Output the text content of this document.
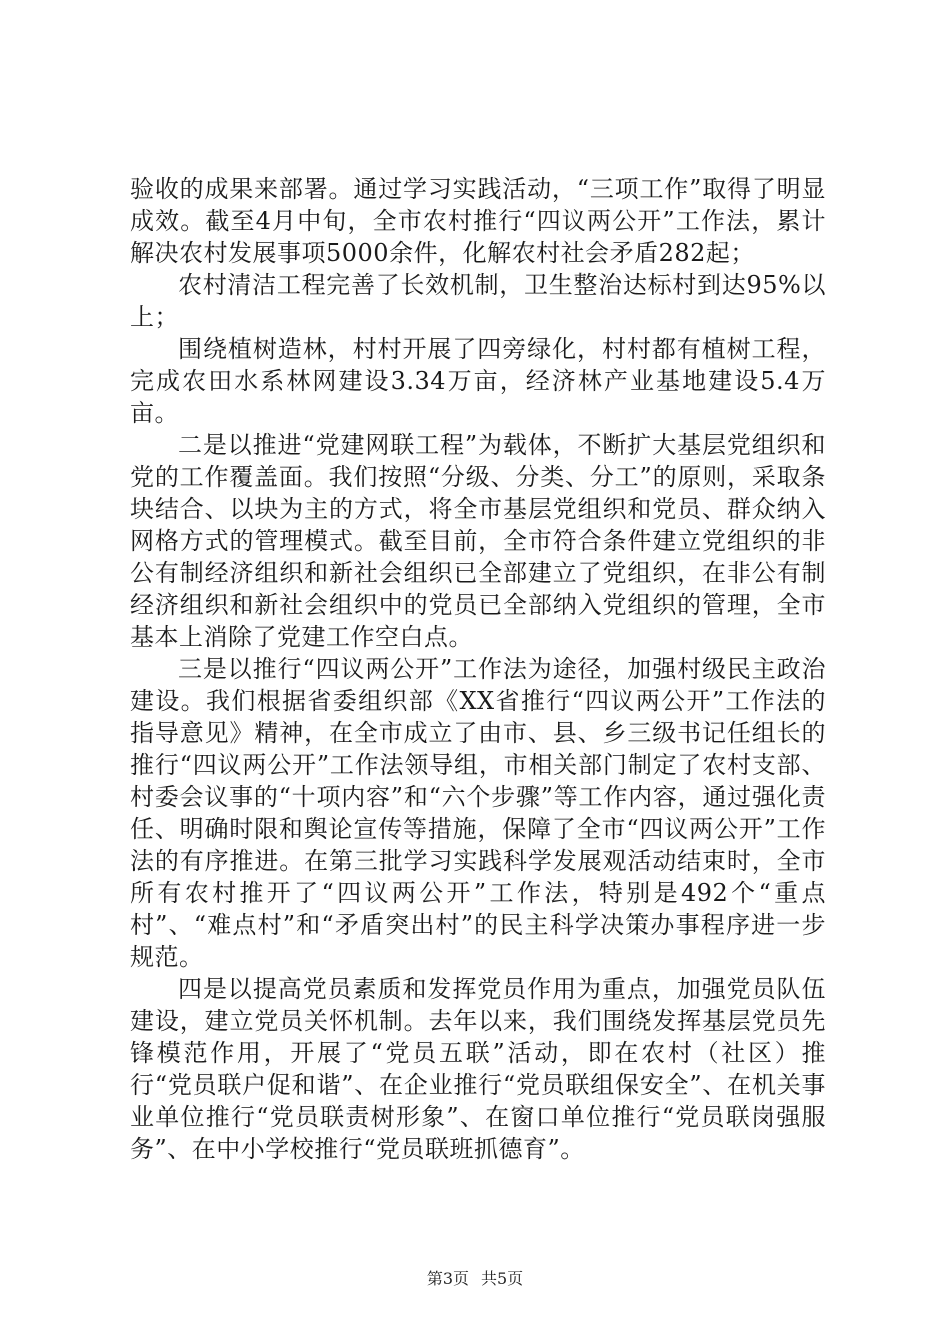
验收的成果来部署。通过学习实践活动，“三项工作”取得了明显成效。截至4月中旬，全市农村推行“四议两公开”工作法，累计解决农村发展事项5000余件，化解农村社会矛盾282起；

农村清洁工程完善了长效机制，卫生整治达标村到达95%以上；

围绕植树造林，村村开展了四旁绿化，村村都有植树工程，完成农田水系林网建设3.34万亩，经济林产业基地建设5.4万亩。

二是以推进“党建网联工程”为载体，不断扩大基层党组织和党的工作覆盖面。我们按照“分级、分类、分工”的原则，采取条块结合、以块为主的方式，将全市基层党组织和党员、群众纳入网格方式的管理模式。截至目前，全市符合条件建立党组织的非公有制经济组织和新社会组织已全部建立了党组织，在非公有制经济组织和新社会组织中的党员已全部纳入党组织的管理，全市基本上消除了党建工作空白点。

三是以推行“四议两公开”工作法为途径，加强村级民主政治建设。我们根据省委组织部《XX省推行“四议两公开”工作法的指导意见》精神，在全市成立了由市、县、乡三级书记任组长的推行“四议两公开”工作法领导组，市相关部门制定了农村支部、村委会议事的“十项内容”和“六个步骤”等工作内容，通过强化责任、明确时限和舆论宣传等措施，保障了全市“四议两公开”工作法的有序推进。在第三批学习实践科学发展观活动结束时，全市所有农村推开了“四议两公开”工作法，特别是492个“重点村”、“难点村”和“矛盾突出村”的民主科学决策办事程序进一步规范。

四是以提高党员素质和发挥党员作用为重点，加强党员队伍建设，建立党员关怀机制。去年以来，我们围绕发挥基层党员先锋模范作用，开展了“党员五联”活动，即在农村（社区）推行“党员联户促和谐”、在企业推行“党员联组保安全”、在机关事业单位推行“党员联责树形象”、在窗口单位推行“党员联岗强服务”、在中小学校推行“党员联班抓德育”。

第3页 共5页
